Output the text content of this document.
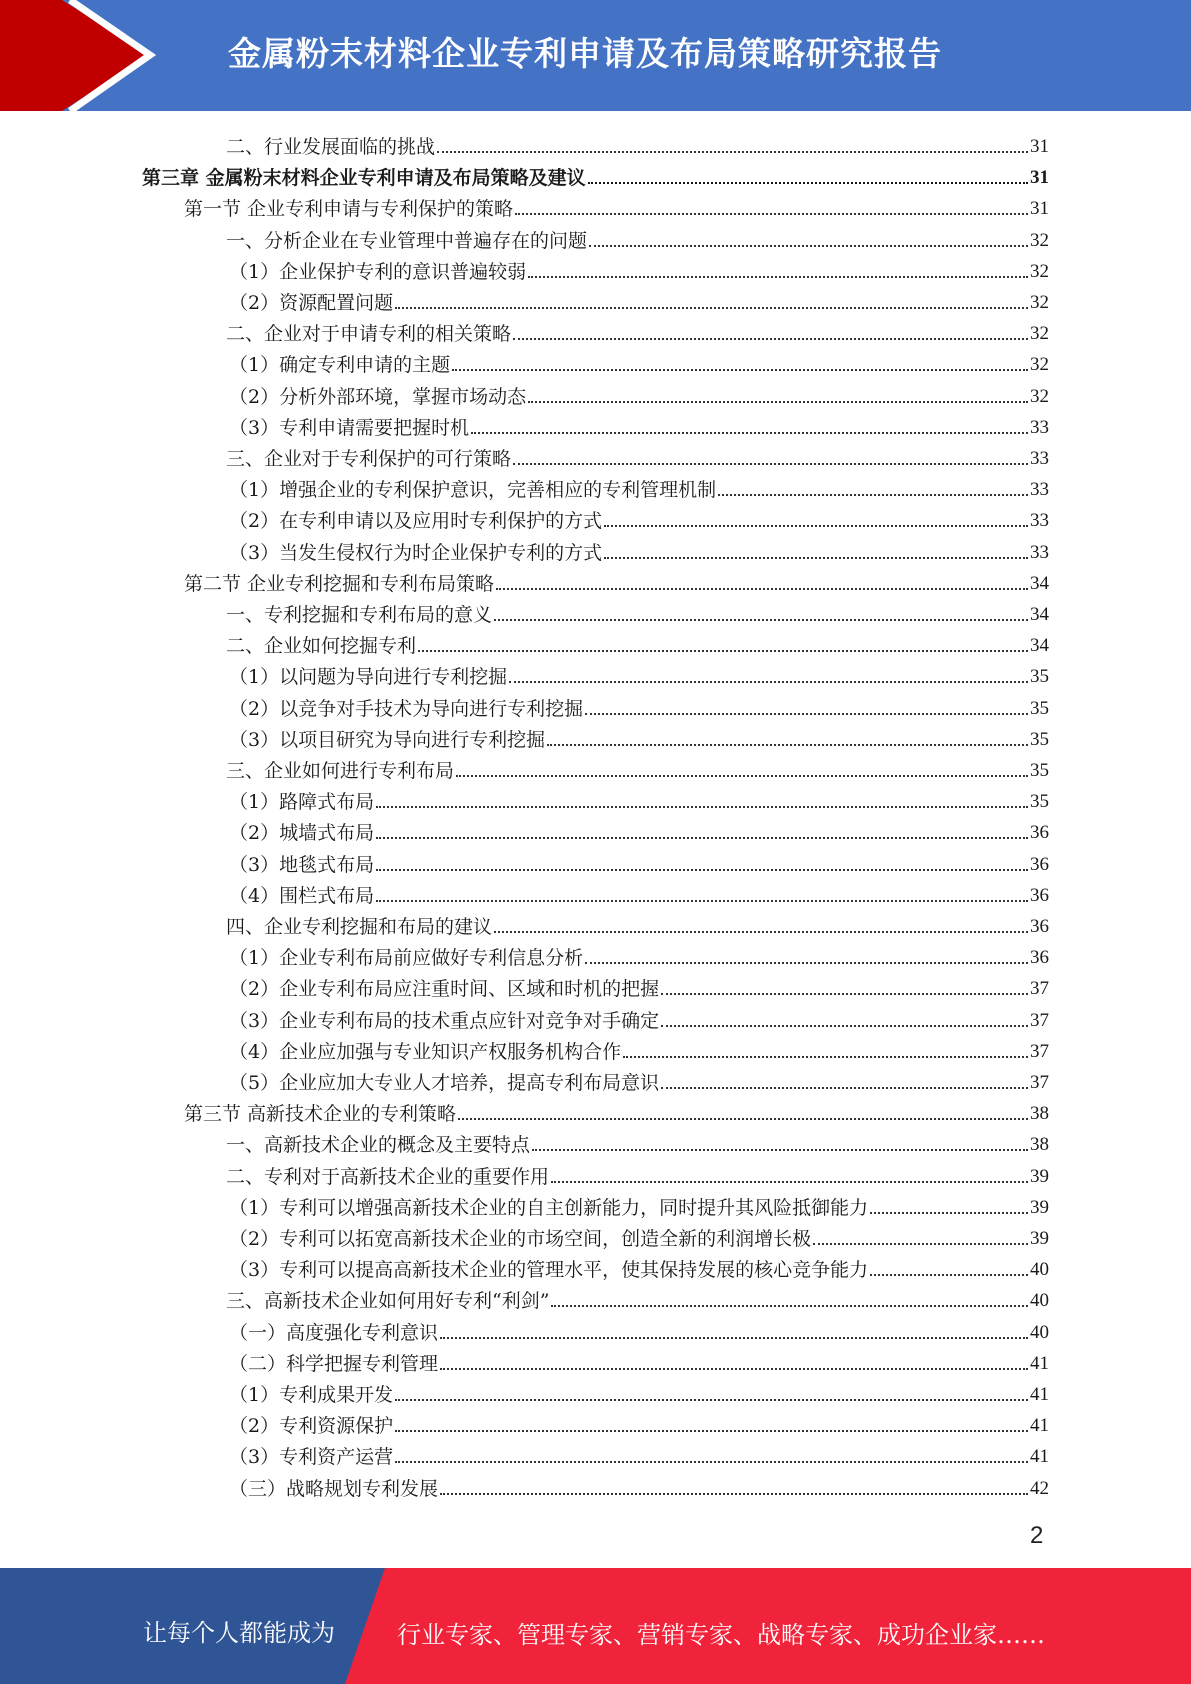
金属粉末材料企业专利申请及布局策略研究报告
二、行业发展面临的挑战	31
第三章 金属粉末材料企业专利申请及布局策略及建议	31
第一节 企业专利申请与专利保护的策略	31
一、分析企业在专业管理中普遍存在的问题	32
（1）企业保护专利的意识普遍较弱	32
（2）资源配置问题	32
二、企业对于申请专利的相关策略	32
（1）确定专利申请的主题	32
（2）分析外部环境，掌握市场动态	32
（3）专利申请需要把握时机	33
三、企业对于专利保护的可行策略	33
（1）增强企业的专利保护意识，完善相应的专利管理机制	33
（2）在专利申请以及应用时专利保护的方式	33
（3）当发生侵权行为时企业保护专利的方式	33
第二节 企业专利挖掘和专利布局策略	34
一、专利挖掘和专利布局的意义	34
二、企业如何挖掘专利	34
（1）以问题为导向进行专利挖掘	35
（2）以竞争对手技术为导向进行专利挖掘	35
（3）以项目研究为导向进行专利挖掘	35
三、企业如何进行专利布局	35
（1）路障式布局	35
（2）城墙式布局	36
（3）地毯式布局	36
（4）围栏式布局	36
四、企业专利挖掘和布局的建议	36
（1）企业专利布局前应做好专利信息分析	36
（2）企业专利布局应注重时间、区域和时机的把握	37
（3）企业专利布局的技术重点应针对竞争对手确定	37
（4）企业应加强与专业知识产权服务机构合作	37
（5）企业应加大专业人才培养，提高专利布局意识	37
第三节 高新技术企业的专利策略	38
一、高新技术企业的概念及主要特点	38
二、专利对于高新技术企业的重要作用	39
（1）专利可以增强高新技术企业的自主创新能力，同时提升其风险抵御能力	39
（2）专利可以拓宽高新技术企业的市场空间，创造全新的利润增长极	39
（3）专利可以提高高新技术企业的管理水平，使其保持发展的核心竞争能力	40
三、高新技术企业如何用好专利“利剑”	40
（一）高度强化专利意识	40
（二）科学把握专利管理	41
（1）专利成果开发	41
（2）专利资源保护	41
（3）专利资产运营	41
（三）战略规划专利发展	42
2
让每个人都能成为	行业专家、管理专家、营销专家、战略专家、成功企业家……
